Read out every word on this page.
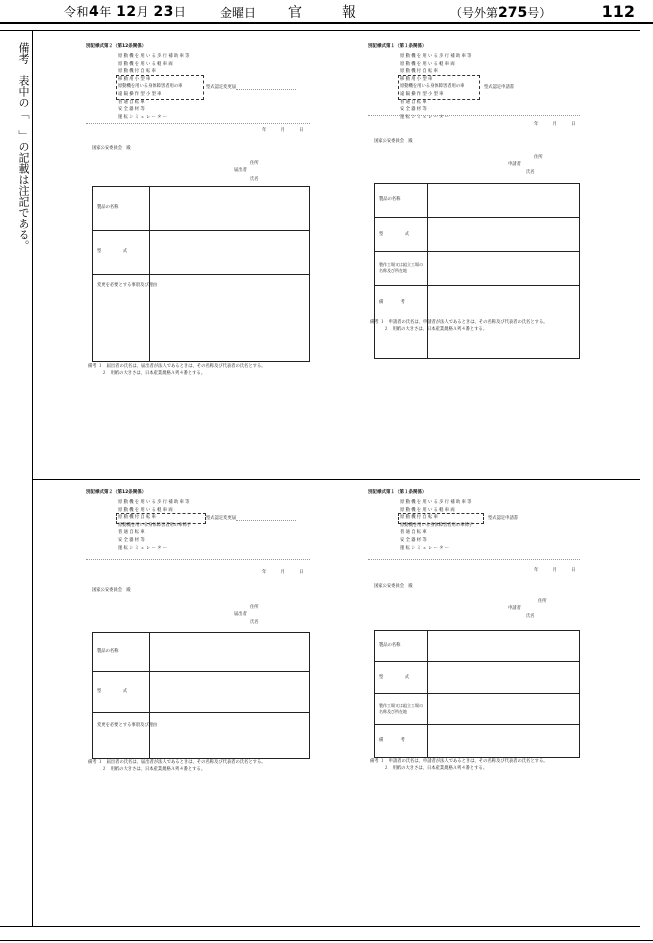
令和4年 12月 23日	金曜日 官報	（号外第275号）	112
備考　表中の「　」の記載は注記である。	別記様式第２（第12条関係）
原動機を用いる歩行補助車等
原動機を用いる軽車両
原動機付自転車
移動用小型車
原動機を用いる身体障害者用の車
遠隔操作型小型車
普通自転車
安全器材等
運転シミュレーター
型式認定変更届
年　月　日
国家公安委員会　殿
住所
届出者
氏名
製品の名称
型　　　　　式
変更を必要とする事項及び理由
備考 １　届出者の氏名は、届出者が法人であるときは、その名称及び代表者の氏名とする。
２　用紙の大きさは、日本産業規格Ａ列４番とする。
別記様式第１（第１条関係）
原動機を用いる歩行補助車等
原動機を用いる軽車両
原動機付自転車
移動用小型車
原動機を用いる身体障害者用の車
遠隔操作型小型車
普通自転車
安全器材等
運転シミュレーター
型式認定申請書
年　月　日
国家公安委員会　殿
住所
申請者
氏名
製品の名称
型　　　　　式
製作工場又は組立工場の名称及び所在地
備　　　　考
備考 １　申請者の氏名は、申請者が法人であるときは、その名称及び代表者の氏名とする。
２　用紙の大きさは、日本産業規格Ａ列４番とする。
別記様式第２（第12条関係）
原動機を用いる歩行補助車等
原動機を用いる軽車両
原動機付自転車
原動機を用いる身体障害者用の車椅子
普通自転車
安全器材等
運転シミュレーター
型式認定変更届
年　月　日
国家公安委員会　殿
住所
届出者
氏名
製品の名称
型　　　　　式
変更を必要とする事項及び理由
備考 １　届出者の氏名は、届出者が法人であるときは、その名称及び代表者の氏名とする。
２　用紙の大きさは、日本産業規格Ａ列４番とする。
別記様式第１（第１条関係）
原動機を用いる歩行補助車等
原動機を用いる軽車両
原動機付自転車
原動機を用いる身体障害者用の車椅子
普通自転車
安全器材等
運転シミュレーター
型式認定申請書
年　月　日
国家公安委員会　殿
住所
申請者
氏名
製品の名称
型　　　　　式
製作工場又は組立工場の名称及び所在地
備　　　　考
備考 １　申請者の氏名は、申請者が法人であるときは、その名称及び代表者の氏名とする。
２　用紙の大きさは、日本産業規格Ａ列４番とする。
